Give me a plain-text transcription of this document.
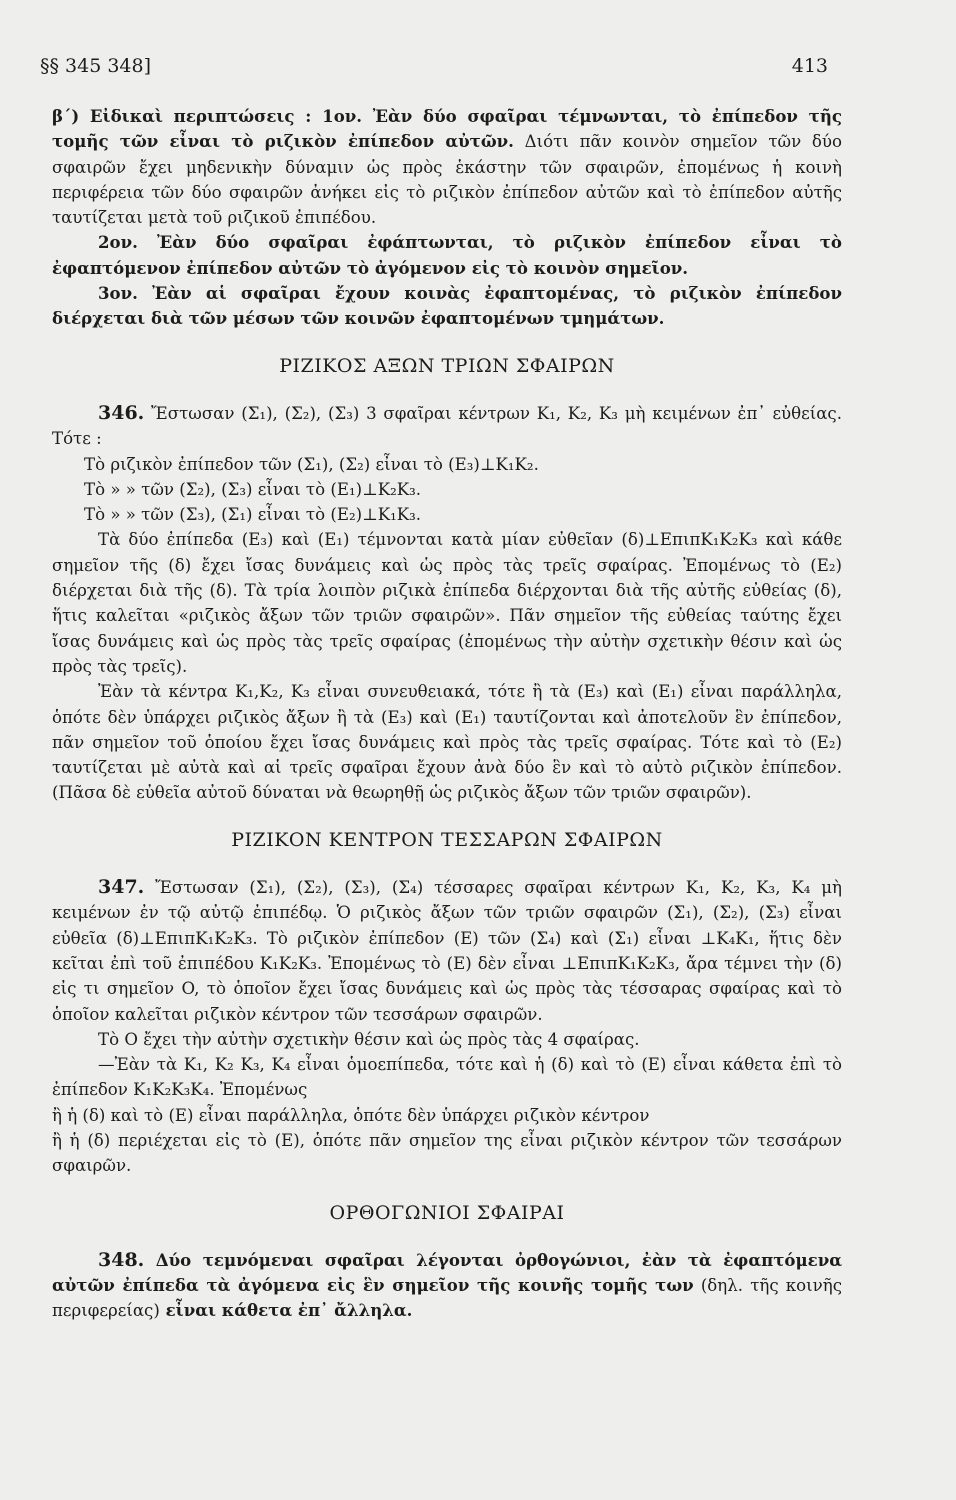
§§ 345 348]	413

β´) Εἰδικαὶ περιπτώσεις : 1ον. Ἐὰν δύο σφαῖραι τέμνωνται, τὸ ἐπίπεδον τῆς τομῆς τῶν εἶναι τὸ ριζικὸν ἐπίπεδον αὐτῶν. Διότι πᾶν κοινὸν σημεῖον τῶν δύο σφαιρῶν ἔχει μηδενικὴν δύναμιν ὡς πρὸς ἑκάστην τῶν σφαιρῶν, ἐπομένως ἡ κοινὴ περιφέρεια τῶν δύο σφαιρῶν ἀνήκει εἰς τὸ ριζικὸν ἐπίπεδον αὐτῶν καὶ τὸ ἐπίπεδον αὐτῆς ταυτίζεται μετὰ τοῦ ριζικοῦ ἐπιπέδου.

2ον. Ἐὰν δύο σφαῖραι ἐφάπτωνται, τὸ ριζικὸν ἐπίπεδον εἶναι τὸ ἐφαπτόμενον ἐπίπεδον αὐτῶν τὸ ἀγόμενον εἰς τὸ κοινὸν σημεῖον.

3ον. Ἐὰν αἱ σφαῖραι ἔχουν κοινὰς ἐφαπτομένας, τὸ ριζικὸν ἐπίπεδον διέρχεται διὰ τῶν μέσων τῶν κοινῶν ἐφαπτομένων τμημάτων.

ΡΙΖΙΚΟΣ ΑΞΩΝ ΤΡΙΩΝ ΣΦΑΙΡΩΝ

346. Ἔστωσαν (Σ₁), (Σ₂), (Σ₃) 3 σφαῖραι κέντρων K₁, K₂, K₃ μὴ κειμένων ἐπ᾽ εὐθείας. Τότε :

Τὸ ριζικὸν ἐπίπεδον τῶν (Σ₁), (Σ₂) εἶναι τὸ (E₃)⊥K₁K₂.

Τὸ » » τῶν (Σ₂), (Σ₃) εἶναι τὸ (E₁)⊥K₂K₃.

Τὸ » » τῶν (Σ₃), (Σ₁) εἶναι τὸ (E₂)⊥K₁K₃.

Τὰ δύο ἐπίπεδα (E₃) καὶ (E₁) τέμνονται κατὰ μίαν εὐθεῖαν (δ)⊥ΕπιπK₁K₂K₃ καὶ κάθε σημεῖον τῆς (δ) ἔχει ἴσας δυνάμεις καὶ ὡς πρὸς τὰς τρεῖς σφαίρας. Ἐπομένως τὸ (E₂) διέρχεται διὰ τῆς (δ). Τὰ τρία λοιπὸν ριζικὰ ἐπίπεδα διέρχονται διὰ τῆς αὐτῆς εὐθείας (δ), ἥτις καλεῖται «ριζικὸς ἄξων τῶν τριῶν σφαιρῶν». Πᾶν σημεῖον τῆς εὐθείας ταύτης ἔχει ἴσας δυνάμεις καὶ ὡς πρὸς τὰς τρεῖς σφαίρας (ἐπομένως τὴν αὐτὴν σχετικὴν θέσιν καὶ ὡς πρὸς τὰς τρεῖς).

Ἐὰν τὰ κέντρα K₁,K₂, K₃ εἶναι συνευθειακά, τότε ἢ τὰ (E₃) καὶ (E₁) εἶναι παράλληλα, ὁπότε δὲν ὑπάρχει ριζικὸς ἄξων ἢ τὰ (E₃) καὶ (E₁) ταυτίζονται καὶ ἀποτελοῦν ἓν ἐπίπεδον, πᾶν σημεῖον τοῦ ὁποίου ἔχει ἴσας δυνάμεις καὶ πρὸς τὰς τρεῖς σφαίρας. Τότε καὶ τὸ (E₂) ταυτίζεται μὲ αὐτὰ καὶ αἱ τρεῖς σφαῖραι ἔχουν ἀνὰ δύο ἓν καὶ τὸ αὐτὸ ριζικὸν ἐπίπεδον. (Πᾶσα δὲ εὐθεῖα αὐτοῦ δύναται νὰ θεωρηθῇ ὡς ριζικὸς ἄξων τῶν τριῶν σφαιρῶν).

ΡΙΖΙΚΟΝ ΚΕΝΤΡΟΝ ΤΕΣΣΑΡΩΝ ΣΦΑΙΡΩΝ

347. Ἔστωσαν (Σ₁), (Σ₂), (Σ₃), (Σ₄) τέσσαρες σφαῖραι κέντρων K₁, K₂, K₃, K₄ μὴ κειμένων ἐν τῷ αὐτῷ ἐπιπέδῳ. Ὁ ριζικὸς ἄξων τῶν τριῶν σφαιρῶν (Σ₁), (Σ₂), (Σ₃) εἶναι εὐθεῖα (δ)⊥ΕπιπK₁K₂K₃. Τὸ ριζικὸν ἐπίπεδον (E) τῶν (Σ₄) καὶ (Σ₁) εἶναι ⊥K₄K₁, ἥτις δὲν κεῖται ἐπὶ τοῦ ἐπιπέδου K₁K₂K₃. Ἐπομένως τὸ (E) δὲν εἶναι ⊥ΕπιπK₁K₂K₃, ἄρα τέμνει τὴν (δ) εἰς τι σημεῖον O, τὸ ὁποῖον ἔχει ἴσας δυνάμεις καὶ ὡς πρὸς τὰς τέσσαρας σφαίρας καὶ τὸ ὁποῖον καλεῖται ριζικὸν κέντρον τῶν τεσσάρων σφαιρῶν.

Τὸ O ἔχει τὴν αὐτὴν σχετικὴν θέσιν καὶ ὡς πρὸς τὰς 4 σφαίρας.

—Ἐὰν τὰ K₁, K₂ K₃, K₄ εἶναι ὁμοεπίπεδα, τότε καὶ ἡ (δ) καὶ τὸ (E) εἶναι κάθετα ἐπὶ τὸ ἐπίπεδον K₁K₂K₃K₄. Ἐπομένως

ἢ ἡ (δ) καὶ τὸ (E) εἶναι παράλληλα, ὁπότε δὲν ὑπάρχει ριζικὸν κέντρον

ἢ ἡ (δ) περιέχεται εἰς τὸ (E), ὁπότε πᾶν σημεῖον της εἶναι ριζικὸν κέντρον τῶν τεσσάρων σφαιρῶν.

ΟΡΘΟΓΩΝΙΟΙ ΣΦΑΙΡΑΙ

348. Δύο τεμνόμεναι σφαῖραι λέγονται ὀρθογώνιοι, ἐὰν τὰ ἐφαπτόμενα αὐτῶν ἐπίπεδα τὰ ἀγόμενα εἰς ἓν σημεῖον τῆς κοινῆς τομῆς των (δηλ. τῆς κοινῆς περιφερείας) εἶναι κάθετα ἐπ᾽ ἄλληλα.
